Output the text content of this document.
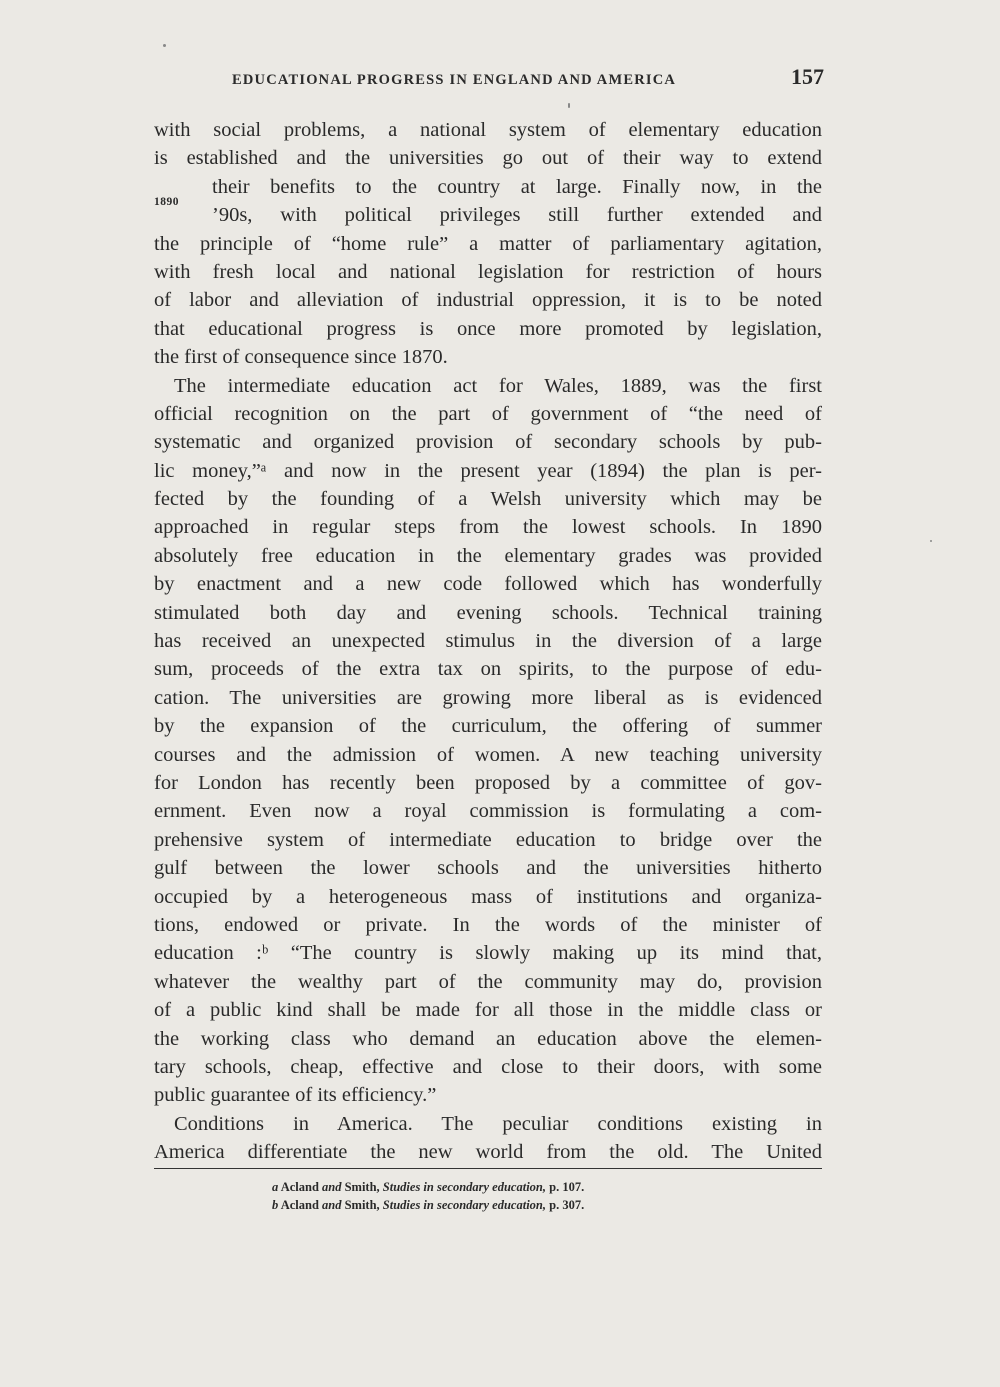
EDUCATIONAL PROGRESS IN ENGLAND AND AMERICA	157
1890
with social problems, a national system of elementary education
is established and the universities go out of their way to extend
their benefits to the country at large. Finally now, in the
’90s, with political privileges still further extended and
the principle of “home rule” a matter of parliamentary agitation,
with fresh local and national legislation for restriction of hours
of labor and alleviation of industrial oppression, it is to be noted
that educational progress is once more promoted by legislation,
the first of consequence since 1870.
The intermediate education act for Wales, 1889, was the first
official recognition on the part of government of “the need of
systematic and organized provision of secondary schools by pub-
lic money,”ᵃ and now in the present year (1894) the plan is per-
fected by the founding of a Welsh university which may be
approached in regular steps from the lowest schools. In 1890
absolutely free education in the elementary grades was provided
by enactment and a new code followed which has wonderfully
stimulated both day and evening schools. Technical training
has received an unexpected stimulus in the diversion of a large
sum, proceeds of the extra tax on spirits, to the purpose of edu-
cation. The universities are growing more liberal as is evidenced
by the expansion of the curriculum, the offering of summer
courses and the admission of women. A new teaching university
for London has recently been proposed by a committee of gov-
ernment. Even now a royal commission is formulating a com-
prehensive system of intermediate education to bridge over the
gulf between the lower schools and the universities hitherto
occupied by a heterogeneous mass of institutions and organiza-
tions, endowed or private. In the words of the minister of
education :ᵇ “The country is slowly making up its mind that,
whatever the wealthy part of the community may do, provision
of a public kind shall be made for all those in the middle class or
the working class who demand an education above the elemen-
tary schools, cheap, effective and close to their doors, with some
public guarantee of its efficiency.”
Conditions in America. The peculiar conditions existing in
America differentiate the new world from the old. The United
a Acland and Smith, Studies in secondary education, p. 107.
b Acland and Smith, Studies in secondary education, p. 307.
